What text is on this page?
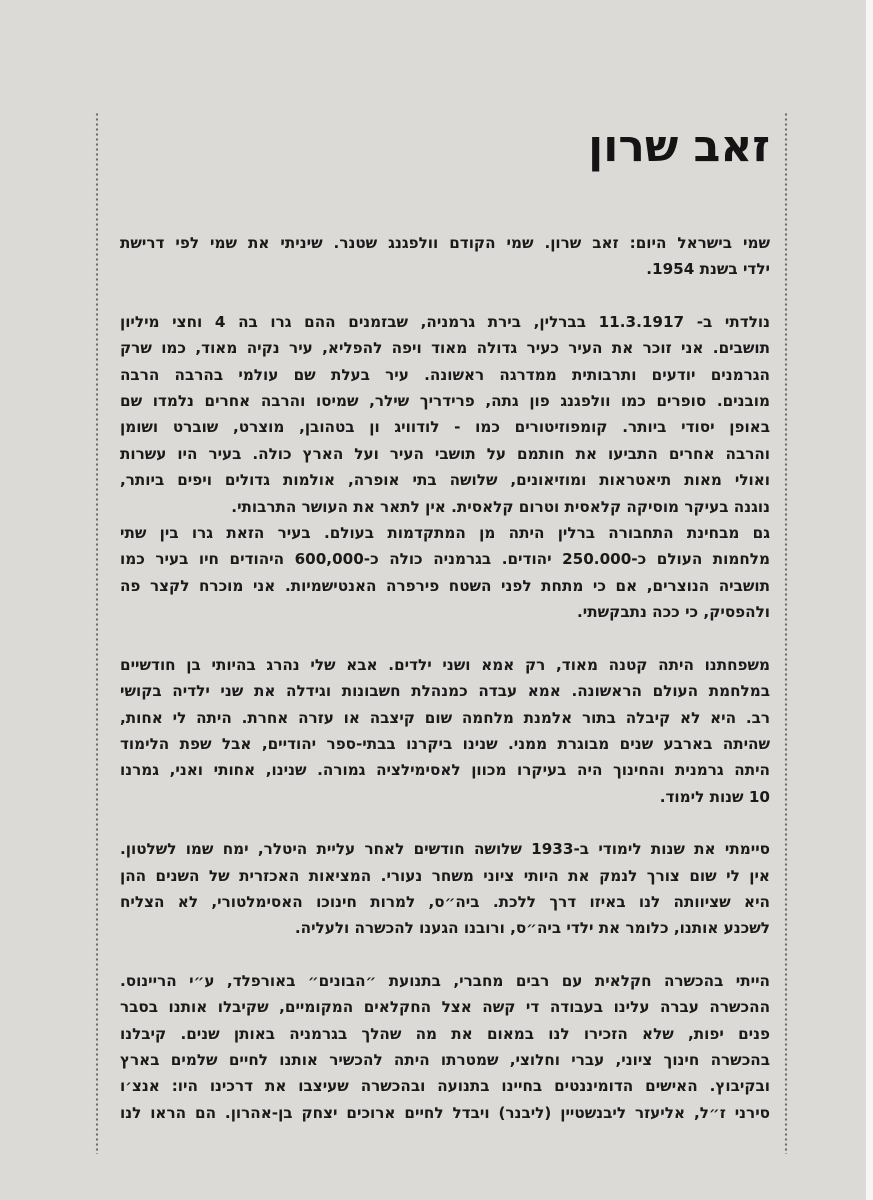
זאב שרון
שמי בישראל היום: זאב שרון. שמי הקודם וולפגנג שטנר. שיניתי את שמי לפי דרישת
ילדי בשנת 1954.
נולדתי ב- 11.3.1917 בברלין, בירת גרמניה, שבזמנים ההם גרו בה 4 וחצי מיליון
תושבים. אני זוכר את העיר כעיר גדולה מאוד ויפה להפליא, עיר נקיה מאוד, כמו שרק
הגרמנים יודעים ותרבותית ממדרגה ראשונה. עיר בעלת שם עולמי בהרבה הרבה
מובנים. סופרים כמו וולפגנג פון גתה, פרידריך שילר, שמיסו והרבה אחרים נלמדו שם
באופן יסודי ביותר. קומפוזיטורים כמו - לודוויג ון בטהובן, מוצרט, שוברט ושומן
והרבה אחרים התביעו את חותמם על תושבי העיר ועל הארץ כולה. בעיר היו עשרות
ואולי מאות תיאטראות ומוזיאונים, שלושה בתי אופרה, אולמות גדולים ויפים ביותר,
נוגנה בעיקר מוסיקה קלאסית וטרום קלאסית. אין לתאר את העושר התרבותי.
גם מבחינת התחבורה ברלין היתה מן המתקדמות בעולם. בעיר הזאת גרו בין שתי
מלחמות העולם כ-250.000 יהודים. בגרמניה כולה כ-600,000 היהודים חיו בעיר כמו
תושביה הנוצרים, אם כי מתחת לפני השטח פירפרה האנטישמיות. אני מוכרח לקצר פה
ולהפסיק, כי ככה נתבקשתי.
משפחתנו היתה קטנה מאוד, רק אמא ושני ילדים. אבא שלי נהרג בהיותי בן חודשיים
במלחמת העולם הראשונה. אמא עבדה כמנהלת חשבונות וגידלה את שני ילדיה בקושי
רב. היא לא קיבלה בתור אלמנת מלחמה שום קיצבה או עזרה אחרת. היתה לי אחות,
שהיתה בארבע שנים מבוגרת ממני. שנינו ביקרנו בבתי-ספר יהודיים, אבל שפת הלימוד
היתה גרמנית והחינוך היה בעיקרו מכוון לאסימילציה גמורה. שנינו, אחותי ואני, גמרנו
10 שנות לימוד.
סיימתי את שנות לימודי ב-1933 שלושה חודשים לאחר עליית היטלר, ימח שמו לשלטון.
אין לי שום צורך לנמק את היותי ציוני משחר נעורי. המציאות האכזרית של השנים ההן
היא שציוותה לנו באיזו דרך ללכת. ביה״ס, למרות חינוכו האסימלטורי, לא הצליח
לשכנע אותנו, כלומר את ילדי ביה״ס, ורובנו הגענו להכשרה ולעליה.
הייתי בהכשרה חקלאית עם רבים מחברי, בתנועת ״הבונים״ באורפלד, ע״י הריינוס.
ההכשרה עברה עלינו בעבודה די קשה אצל החקלאים המקומיים, שקיבלו אותנו בסבר
פנים יפות, שלא הזכירו לנו במאום את מה שהלך בגרמניה באותן שנים. קיבלנו
בהכשרה חינוך ציוני, עברי וחלוצי, שמטרתו היתה להכשיר אותנו לחיים שלמים בארץ
ובקיבוץ. האישים הדומיננטים בחיינו בתנועה ובהכשרה שעיצבו את דרכינו היו: אנצ׳ו
סירני ז״ל, אליעזר ליבנשטיין (ליבנר) ויבדל לחיים ארוכים יצחק בן-אהרון. הם הראו לנו
